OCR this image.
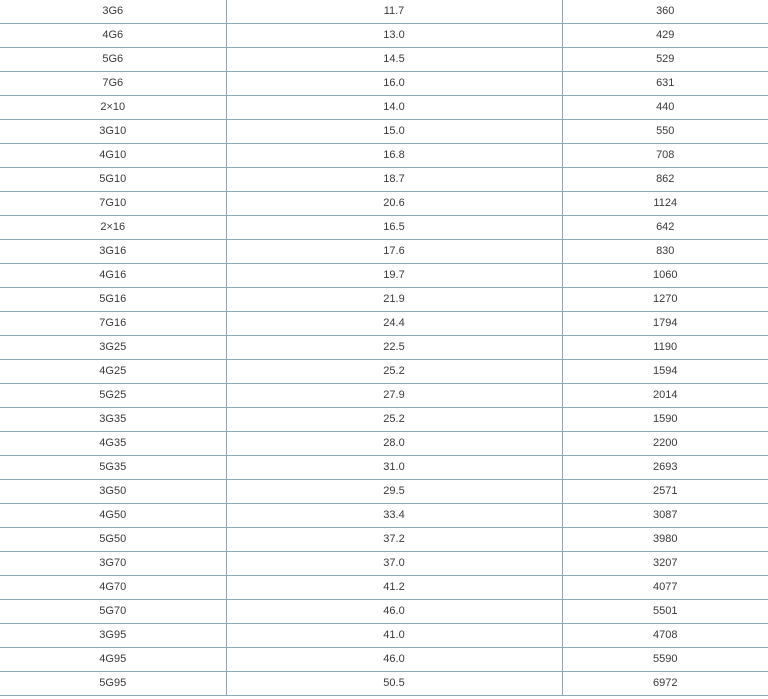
3G6	11.7	360
4G6	13.0	429
5G6	14.5	529
7G6	16.0	631
2×10	14.0	440
3G10	15.0	550
4G10	16.8	708
5G10	18.7	862
7G10	20.6	1124
2×16	16.5	642
3G16	17.6	830
4G16	19.7	1060
5G16	21.9	1270
7G16	24.4	1794
3G25	22.5	1190
4G25	25.2	1594
5G25	27.9	2014
3G35	25.2	1590
4G35	28.0	2200
5G35	31.0	2693
3G50	29.5	2571
4G50	33.4	3087
5G50	37.2	3980
3G70	37.0	3207
4G70	41.2	4077
5G70	46.0	5501
3G95	41.0	4708
4G95	46.0	5590
5G95	50.5	6972
